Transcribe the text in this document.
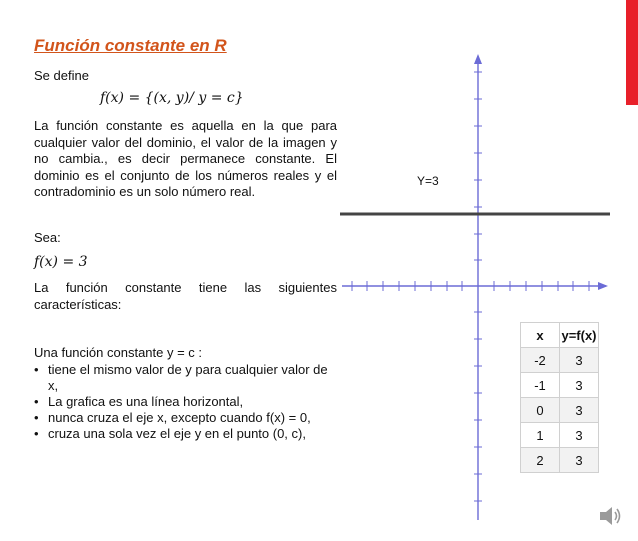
Función constante en R
Se define
f(x) = {(x, y)/ y = c}
La función constante es aquella en la que para cualquier valor del dominio, el valor de la imagen y no cambia., es decir permanece constante. El dominio es el conjunto de los números reales y el contradominio es un solo número real.
Sea:
f(x) = 3
La función constante tiene las siguientes características:
Una función constante y = c :
• tiene el mismo valor de y para cualquier valor de x,
• La grafica es una línea horizontal,
• nunca cruza el eje x, excepto cuando f(x) = 0,
• cruza una sola vez el eje y en el punto (0, c),
Y=3
x	y=f(x)
-2	3
-1	3
0	3
1	3
2	3
